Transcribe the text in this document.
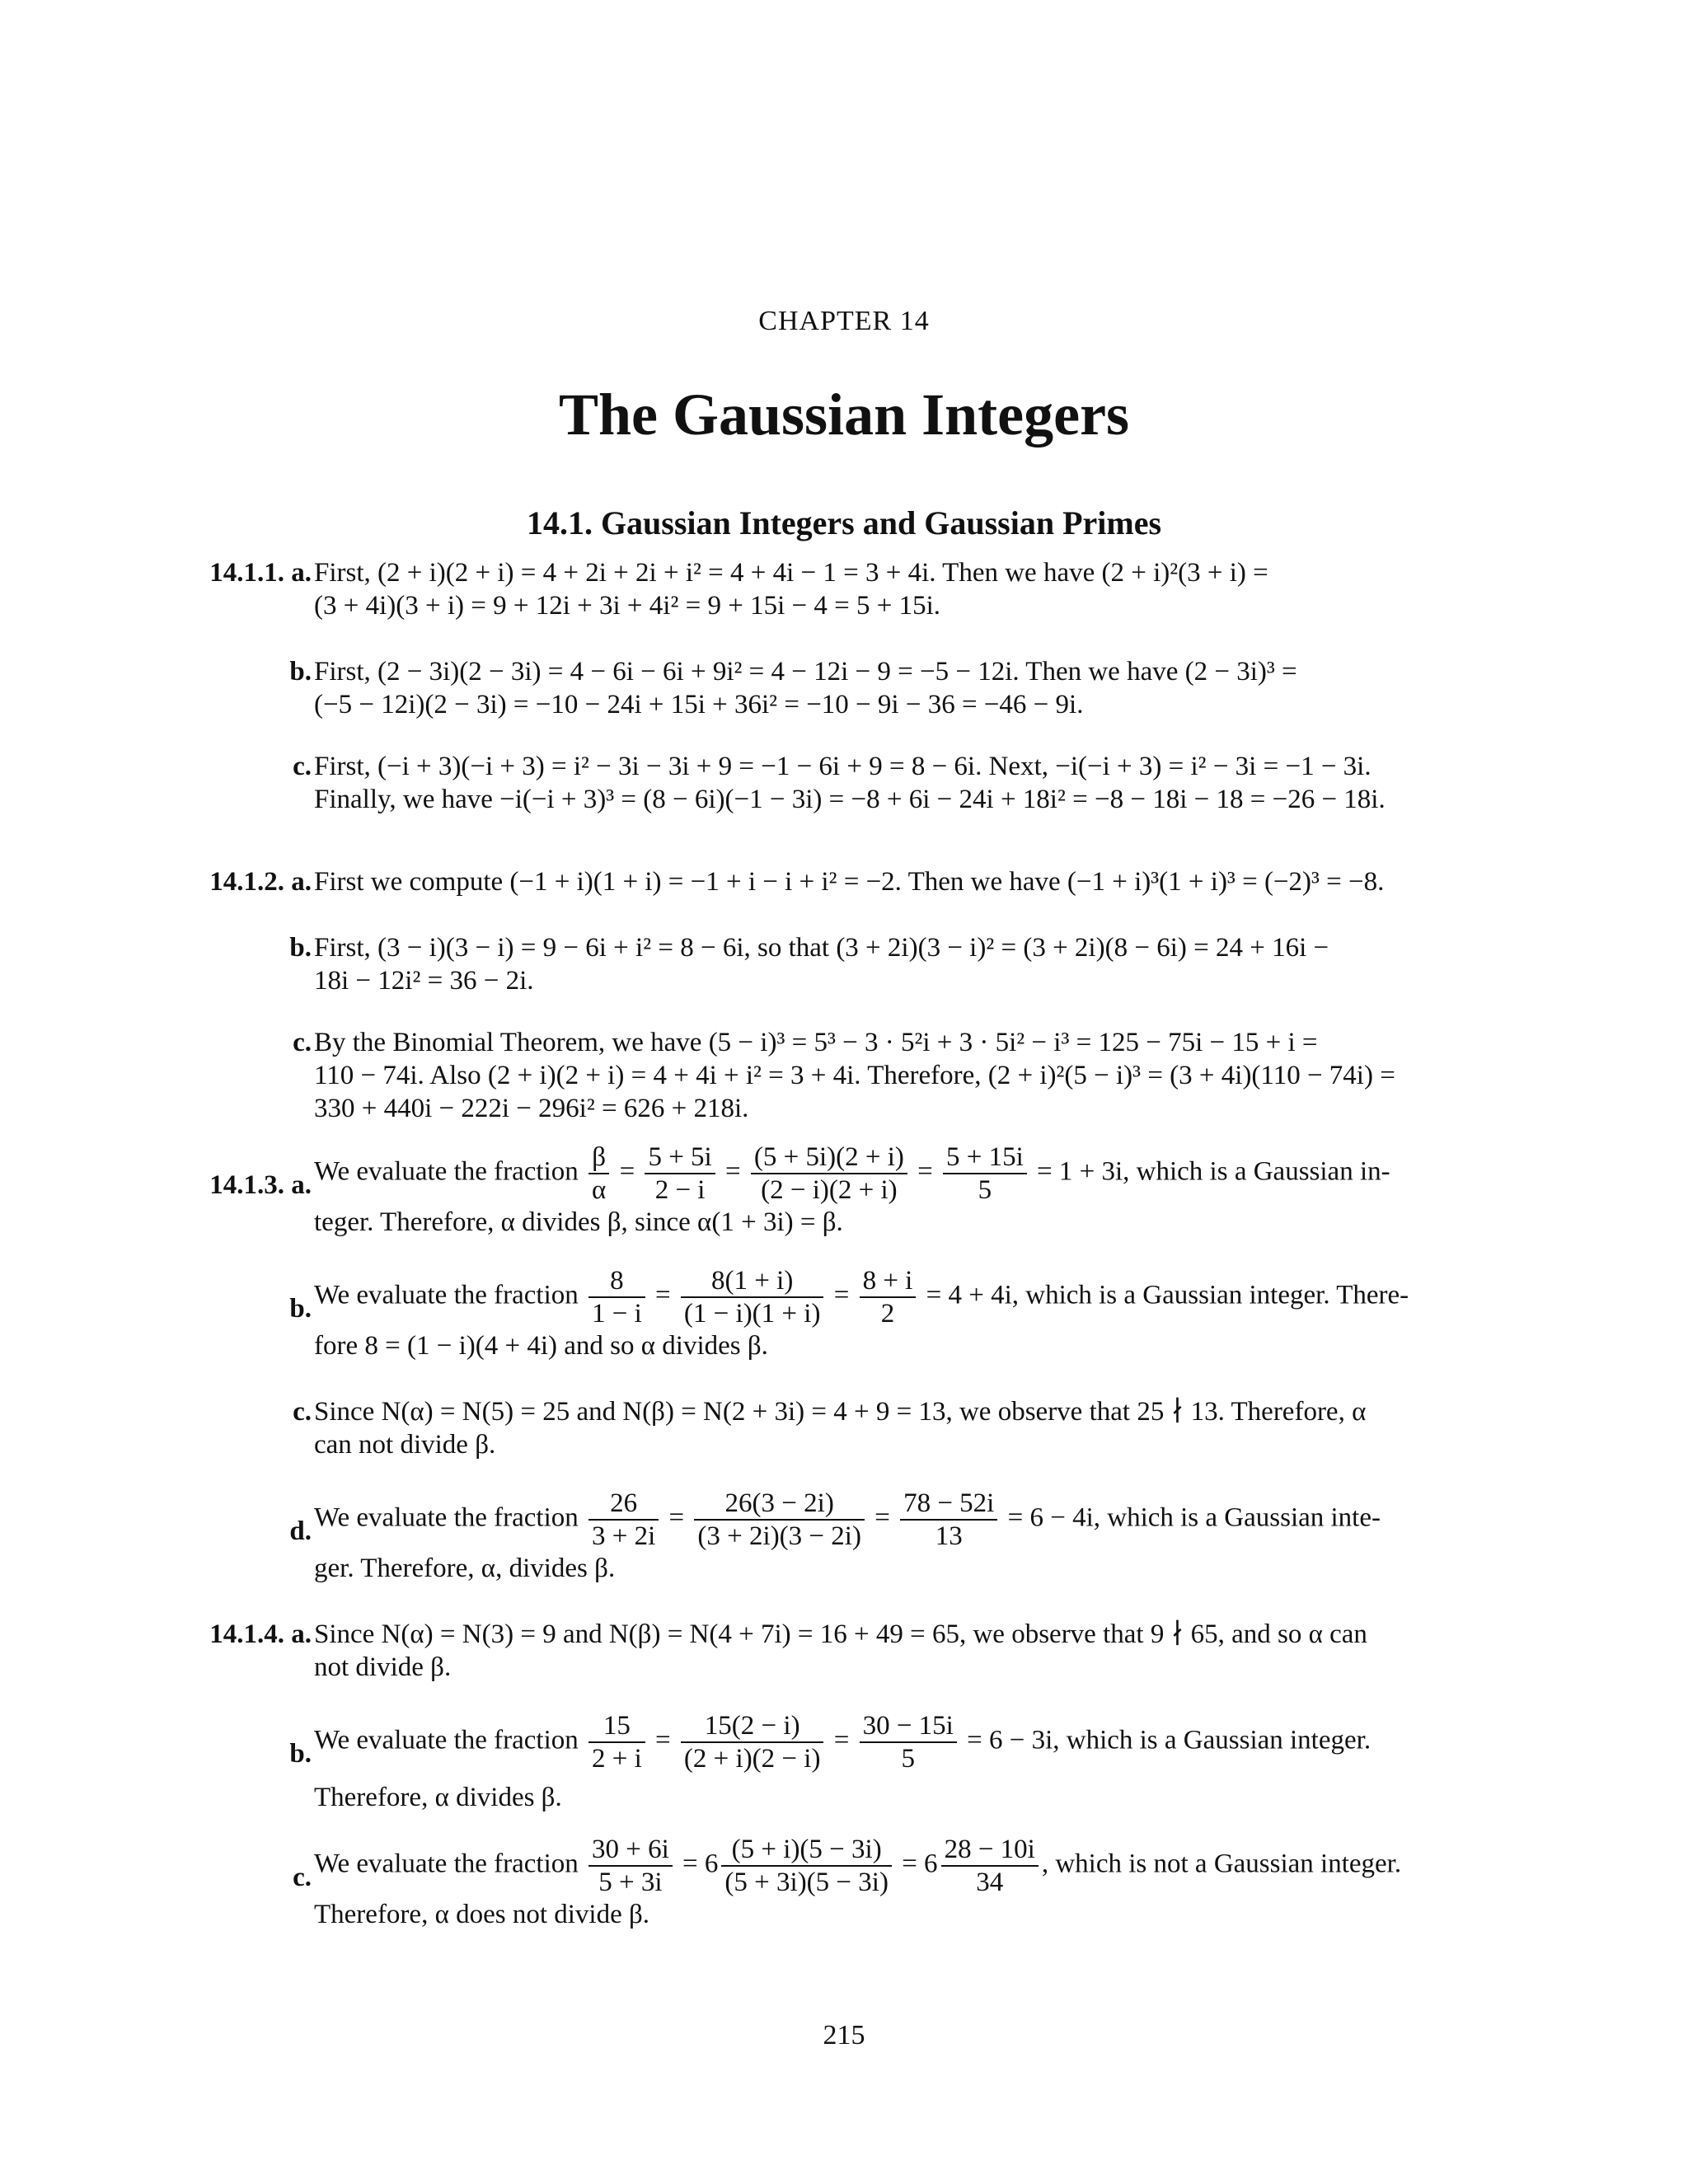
CHAPTER 14
The Gaussian Integers
14.1. Gaussian Integers and Gaussian Primes
14.1.1. a. First, (2 + i)(2 + i) = 4 + 2i + 2i + i² = 4 + 4i − 1 = 3 + 4i. Then we have (2 + i)²(3 + i) =
(3 + 4i)(3 + i) = 9 + 12i + 3i + 4i² = 9 + 15i − 4 = 5 + 15i.
b. First, (2 − 3i)(2 − 3i) = 4 − 6i − 6i + 9i² = 4 − 12i − 9 = −5 − 12i. Then we have (2 − 3i)³ =
(−5 − 12i)(2 − 3i) = −10 − 24i + 15i + 36i² = −10 − 9i − 36 = −46 − 9i.
c. First, (−i + 3)(−i + 3) = i² − 3i − 3i + 9 = −1 − 6i + 9 = 8 − 6i. Next, −i(−i + 3) = i² − 3i = −1 − 3i.
Finally, we have −i(−i + 3)³ = (8 − 6i)(−1 − 3i) = −8 + 6i − 24i + 18i² = −8 − 18i − 18 = −26 − 18i.
14.1.2. a. First we compute (−1 + i)(1 + i) = −1 + i − i + i² = −2. Then we have (−1 + i)³(1 + i)³ = (−2)³ = −8.
b. First, (3 − i)(3 − i) = 9 − 6i + i² = 8 − 6i, so that (3 + 2i)(3 − i)² = (3 + 2i)(8 − 6i) = 24 + 16i −
18i − 12i² = 36 − 2i.
c. By the Binomial Theorem, we have (5 − i)³ = 5³ − 3 · 5²i + 3 · 5i² − i³ = 125 − 75i − 15 + i =
110 − 74i. Also (2 + i)(2 + i) = 4 + 4i + i² = 3 + 4i. Therefore, (2 + i)²(5 − i)³ = (3 + 4i)(110 − 74i) =
330 + 440i − 222i − 296i² = 626 + 218i.
14.1.3. a. We evaluate the fraction $\frac{\beta}{\alpha} = \frac{5 + 5i}{2 - i} = \frac{(5 + 5i)(2 + i)}{(2 - i)(2 + i)} = \frac{5 + 15i}{5} = 1 + 3i$, which is a Gaussian in-
teger. Therefore, α divides β, since α(1 + 3i) = β.
b. We evaluate the fraction $\frac{8}{1 - i} = \frac{8(1 + i)}{(1 - i)(1 + i)} = \frac{8 + i}{2} = 4 + 4i$, which is a Gaussian integer. There-
fore 8 = (1 − i)(4 + 4i) and so α divides β.
c. Since N(α) = N(5) = 25 and N(β) = N(2 + 3i) = 4 + 9 = 13, we observe that 25 ∤ 13. Therefore, α
can not divide β.
d. We evaluate the fraction $\frac{26}{3 + 2i} = \frac{26(3 - 2i)}{(3 + 2i)(3 - 2i)} = \frac{78 - 52i}{13} = 6 - 4i$, which is a Gaussian inte-
ger. Therefore, α, divides β.
14.1.4. a. Since N(α) = N(3) = 9 and N(β) = N(4 + 7i) = 16 + 49 = 65, we observe that 9 ∤ 65, and so α can
not divide β.
b. We evaluate the fraction $\frac{15}{2 + i} = \frac{15(2 - i)}{(2 + i)(2 - i)} = \frac{30 - 15i}{5} = 6 - 3i$, which is a Gaussian integer.
Therefore, α divides β.
c. We evaluate the fraction $\frac{30 + 6i}{5 + 3i} = 6 \frac{(5 + i)(5 - 3i)}{(5 + 3i)(5 - 3i)} = 6 \frac{28 - 10i}{34}$ , which is not a Gaussian integer.
Therefore, α does not divide β.
215
